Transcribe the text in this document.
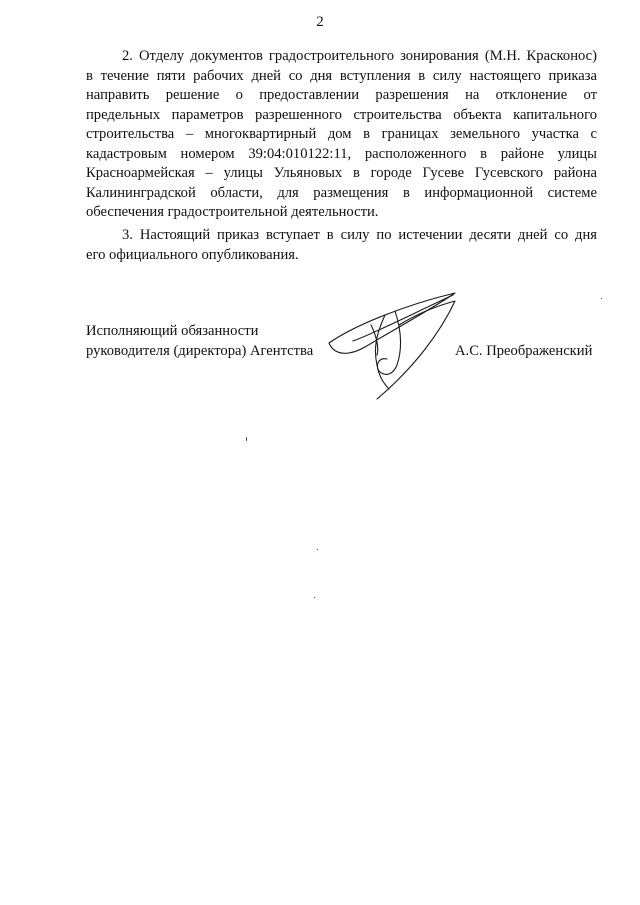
2
2. Отделу документов градостроительного зонирования (М.Н. Красконос)
в течение пяти рабочих дней со дня вступления в силу настоящего приказа
направить решение о предоставлении разрешения на отклонение от
предельных параметров разрешенного строительства объекта капитального
строительства – многоквартирный дом в границах земельного участка с
кадастровым номером 39:04:010122:11, расположенного в районе улицы
Красноармейская – улицы Ульяновых в городе Гусеве Гусевского района
Калининградской области, для размещения в информационной системе
обеспечения градостроительной деятельности.
3. Настоящий приказ вступает в силу по истечении десяти дней со дня
его официального опубликования.
Исполняющий обязанности
руководителя (директора) Агентства	А.С. Преображенский
